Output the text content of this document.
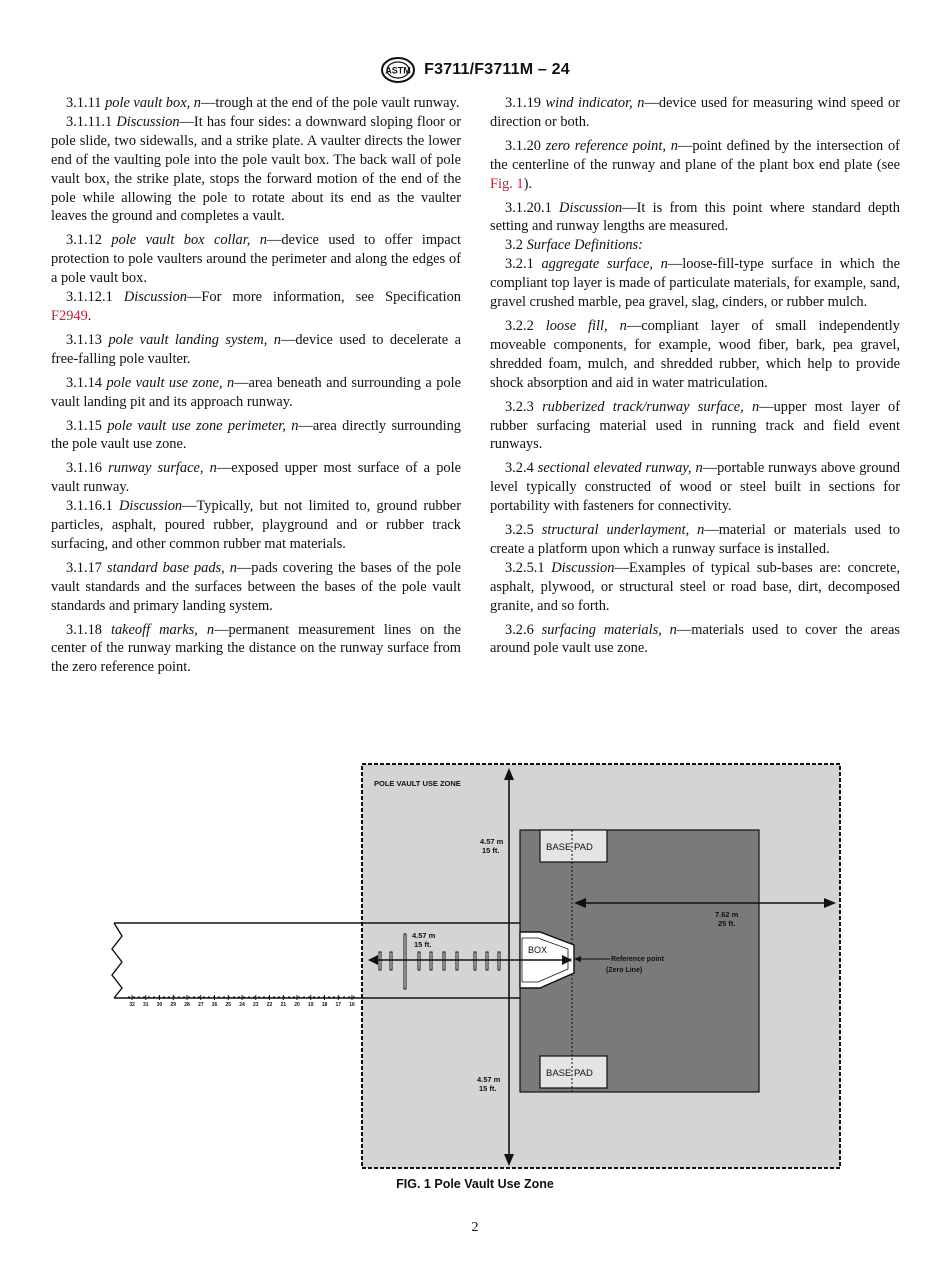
ASTM F3711/F3711M – 24

3.1.11 pole vault box, n—trough at the end of the pole vault runway.

3.1.11.1 Discussion—It has four sides: a downward sloping floor or pole slide, two sidewalls, and a strike plate. A vaulter directs the lower end of the vaulting pole into the pole vault box. The back wall of pole vault box, the strike plate, stops the forward motion of the end of the pole while allowing the pole to rotate about its end as the vaulter leaves the ground and completes a vault.

3.1.12 pole vault box collar, n—device used to offer impact protection to pole vaulters around the perimeter and along the edges of a pole vault box.

3.1.12.1 Discussion—For more information, see Specification F2949.

3.1.13 pole vault landing system, n—device used to decelerate a free-falling pole vaulter.

3.1.14 pole vault use zone, n—area beneath and surrounding a pole vault landing pit and its approach runway.

3.1.15 pole vault use zone perimeter, n—area directly surrounding the pole vault use zone.

3.1.16 runway surface, n—exposed upper most surface of a pole vault runway.

3.1.16.1 Discussion—Typically, but not limited to, ground rubber particles, asphalt, poured rubber, playground and or rubber track surfacing, and other common rubber mat materials.

3.1.17 standard base pads, n—pads covering the bases of the pole vault standards and the surfaces between the bases of the pole vault standards and primary landing system.

3.1.18 takeoff marks, n—permanent measurement lines on the center of the runway marking the distance on the runway surface from the zero reference point.

3.1.19 wind indicator, n—device used for measuring wind speed or direction or both.

3.1.20 zero reference point, n—point defined by the intersection of the centerline of the runway and plane of the plant box end plate (see Fig. 1).

3.1.20.1 Discussion—It is from this point where standard depth setting and runway lengths are measured.

3.2 Surface Definitions:

3.2.1 aggregate surface, n—loose-fill-type surface in which the compliant top layer is made of particulate materials, for example, sand, gravel crushed marble, pea gravel, slag, cinders, or rubber mulch.

3.2.2 loose fill, n—compliant layer of small independently moveable components, for example, wood fiber, bark, pea gravel, shredded foam, mulch, and shredded rubber, which help to provide shock absorption and aid in water matriculation.

3.2.3 rubberized track/runway surface, n—upper most layer of rubber surfacing material used in running track and field event runways.

3.2.4 sectional elevated runway, n—portable runways above ground level typically constructed of wood or steel built in sections for portability with fasteners for connectivity.

3.2.5 structural underlayment, n—material or materials used to create a platform upon which a runway surface is installed.

3.2.5.1 Discussion—Examples of typical sub-bases are: concrete, asphalt, plywood, or structural steel or road base, dirt, decomposed granite, and so forth.

3.2.6 surfacing materials, n—materials used to cover the areas around pole vault use zone.

POLE VAULT USE ZONE
BASE PAD
BASE PAD
BOX
4.57 m
15 ft.
×	Reference point
(Zero Line)
4.57 m
15 ft.
4.57 m
15 ft.
7.62 m
25 ft.
32 31 30 29 28 27 26 25 24 23 22 21 20 19 18 17 16
FIG. 1 Pole Vault Use Zone
2
